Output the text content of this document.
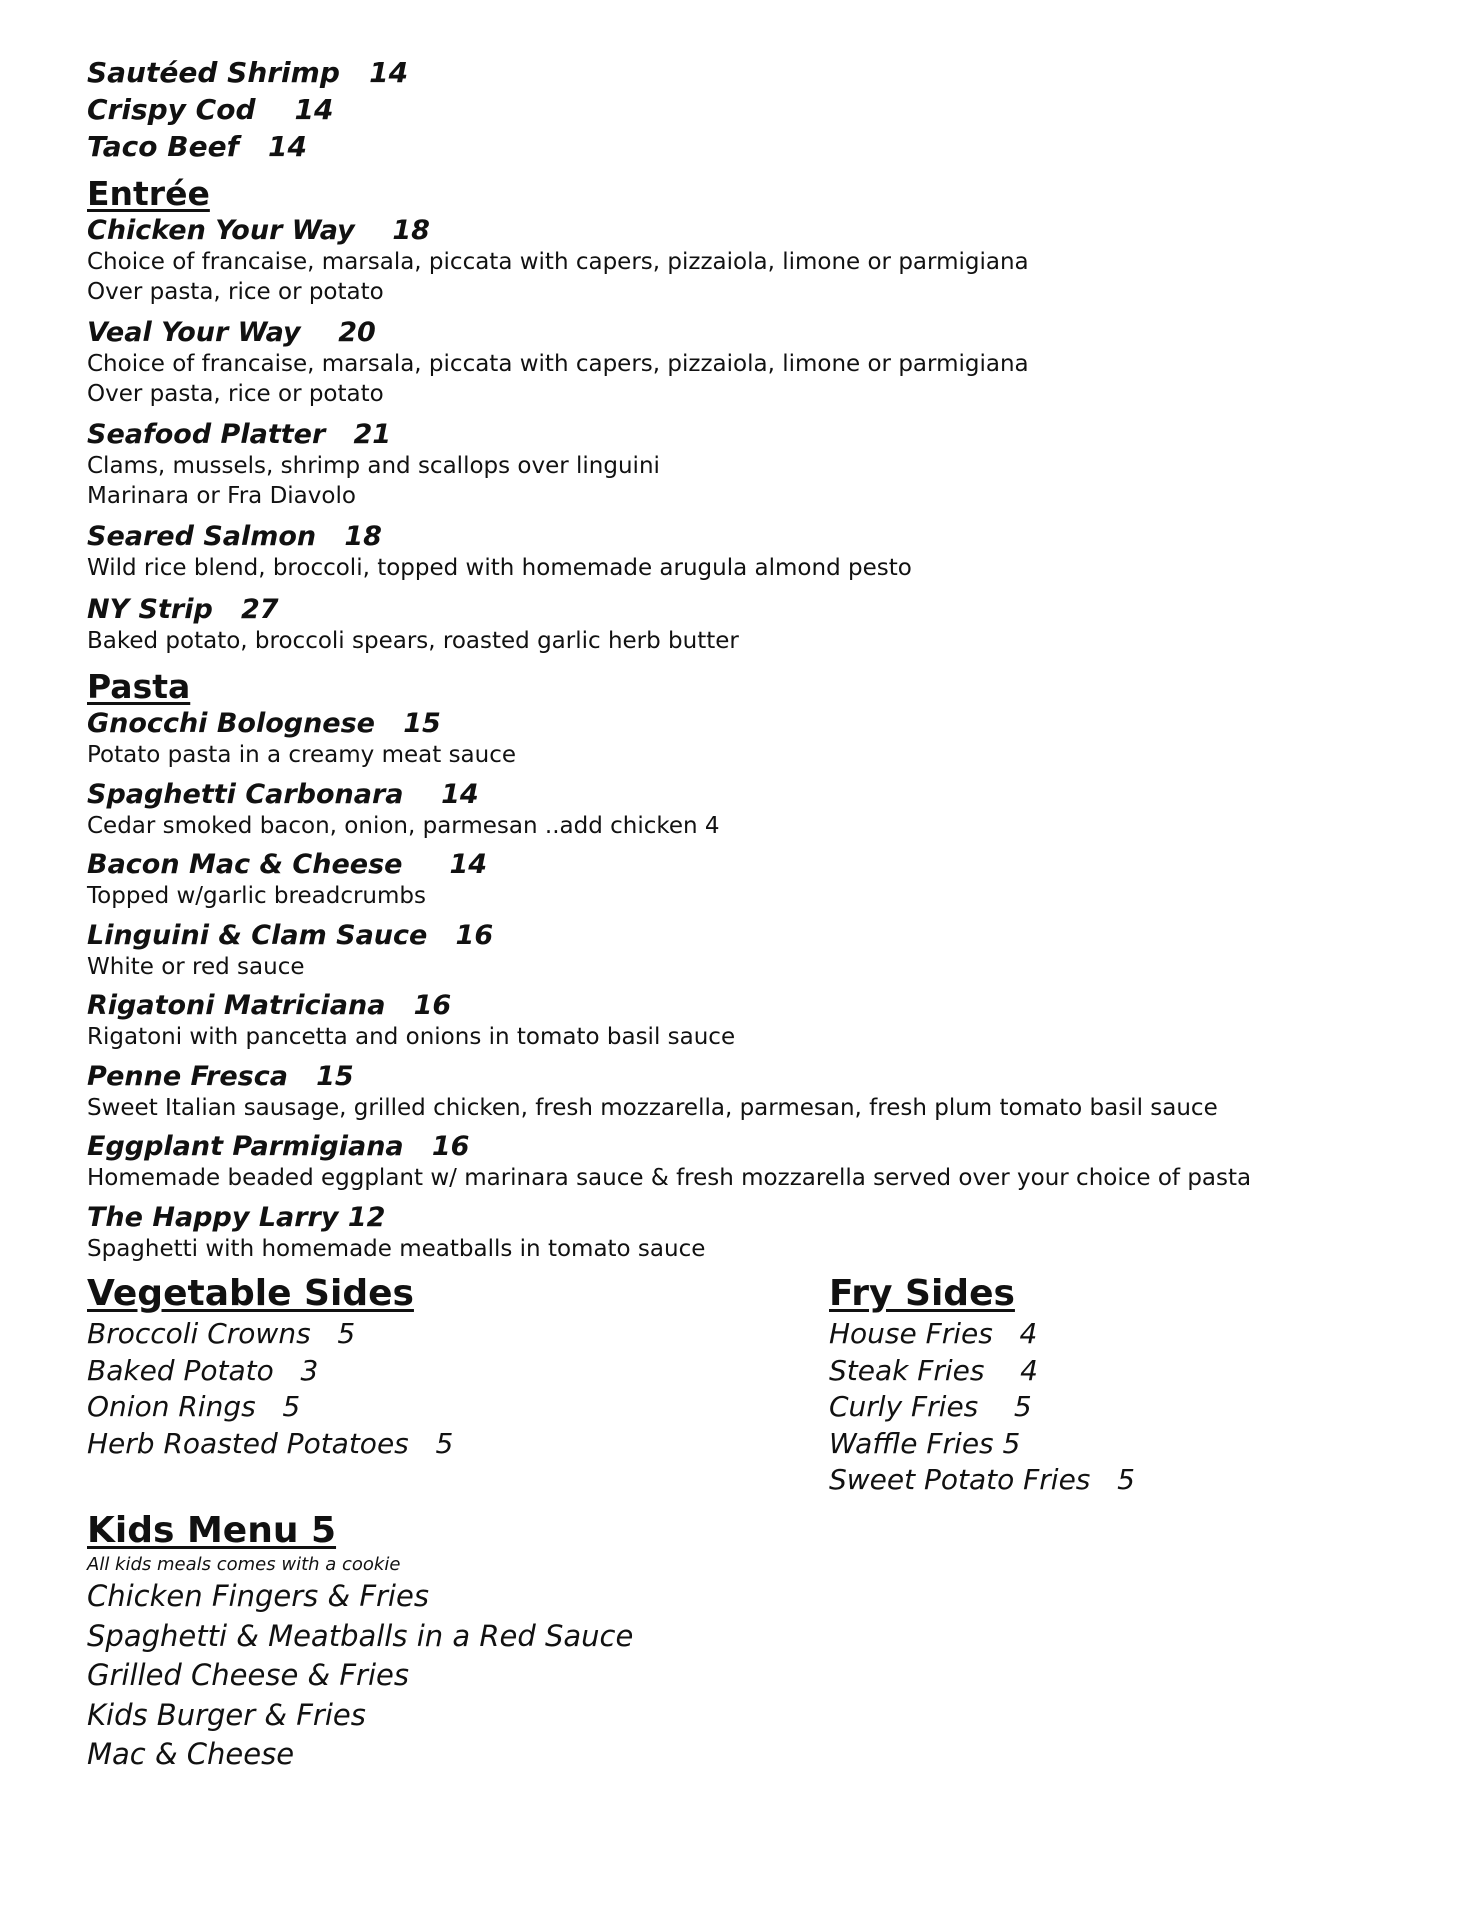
Sautéed Shrimp   14
Crispy Cod    14
Taco Beef   14
Entrée
Chicken Your Way    18
Choice of francaise, marsala, piccata with capers, pizzaiola, limone or parmigiana
Over pasta, rice or potato
Veal Your Way    20
Choice of francaise, marsala, piccata with capers, pizzaiola, limone or parmigiana
Over pasta, rice or potato
Seafood Platter   21
Clams, mussels, shrimp and scallops over linguini
Marinara or Fra Diavolo
Seared Salmon   18
Wild rice blend, broccoli, topped with homemade arugula almond pesto
NY Strip   27
Baked potato, broccoli spears, roasted garlic herb butter
Pasta
Gnocchi Bolognese   15
Potato pasta in a creamy meat sauce
Spaghetti Carbonara    14
Cedar smoked bacon, onion, parmesan ..add chicken 4
Bacon Mac & Cheese     14
Topped w/garlic breadcrumbs
Linguini & Clam Sauce   16
White or red sauce
Rigatoni Matriciana   16
Rigatoni with pancetta and onions in tomato basil sauce
Penne Fresca   15
Sweet Italian sausage, grilled chicken, fresh mozzarella, parmesan, fresh plum tomato basil sauce
Eggplant Parmigiana   16
Homemade beaded eggplant w/ marinara sauce & fresh mozzarella served over your choice of pasta
The Happy Larry 12
Spaghetti with homemade meatballs in tomato sauce
Vegetable Sides
Broccoli Crowns   5
Baked Potato   3
Onion Rings   5
Herb Roasted Potatoes   5
Fry Sides
House Fries   4
Steak Fries    4
Curly Fries    5
Waffle Fries 5
Sweet Potato Fries   5
Kids Menu 5
All kids meals comes with a cookie
Chicken Fingers & Fries
Spaghetti & Meatballs in a Red Sauce
Grilled Cheese & Fries
Kids Burger & Fries
Mac & Cheese
